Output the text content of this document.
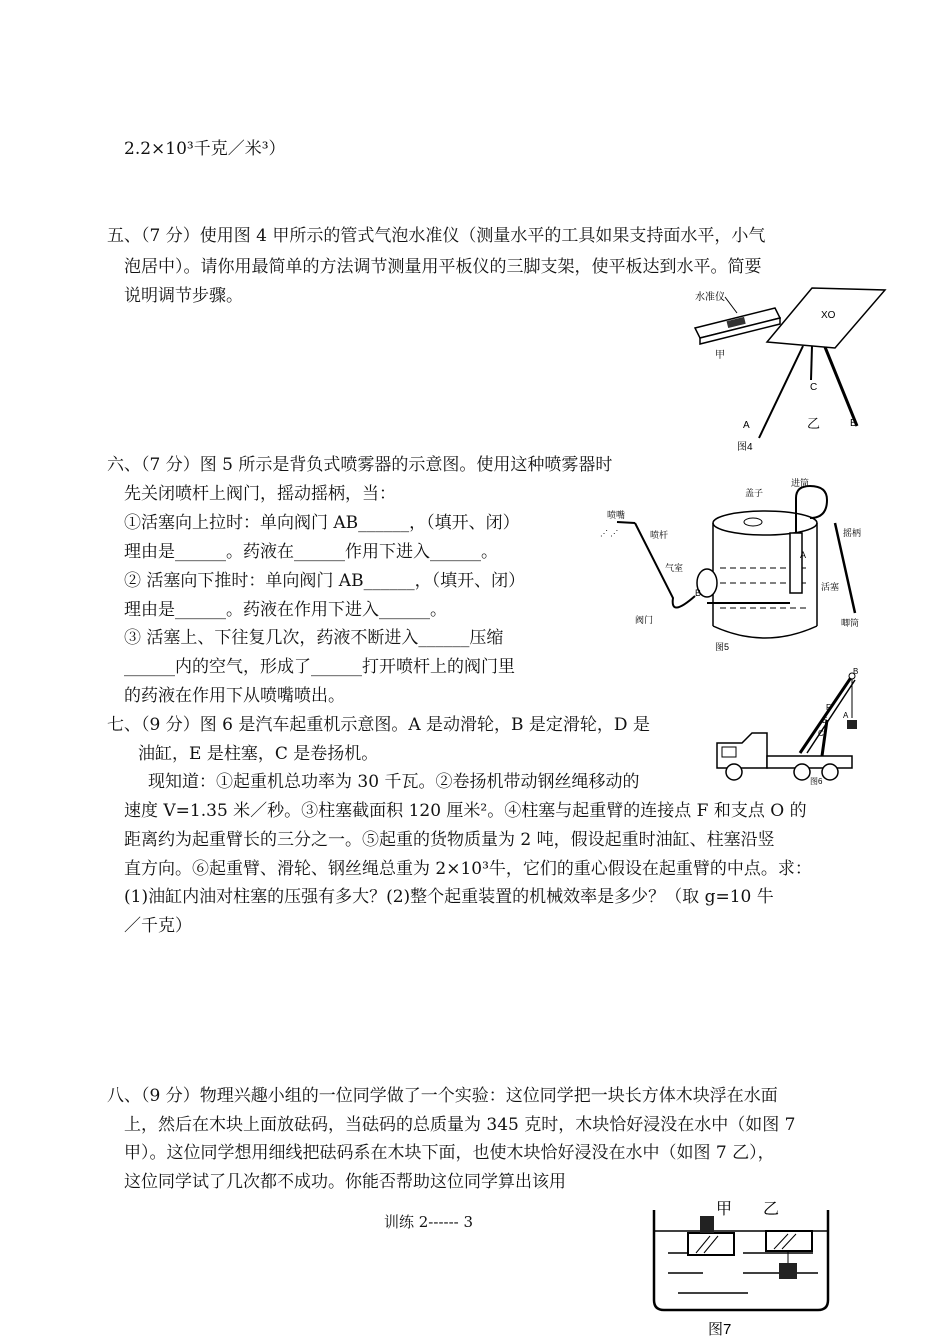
2.2×10³千克／米³）
五、（7 分）使用图 4 甲所示的管式气泡水准仪（测量水平的工具如果支持面水平，小气
泡居中）。请你用最简单的方法调节测量用平板仪的三脚支架，使平板达到水平。简要
说明调节步骤。	水准仪
甲
XO
C
A	乙	B
图4
六、（7 分）图 5 所示是背负式喷雾器的示意图。使用这种喷雾器时
先关闭喷杆上阀门，摇动摇柄，当：
①活塞向上拉时：单向阀门 AB______，（填开、闭）
理由是______。药液在______作用下进入______。
② 活塞向下推时：单向阀门 AB______，（填开、闭）
理由是______。药液在作用下进入______。
③ 活塞上、下往复几次，药液不断进入______压缩
______内的空气，形成了______打开喷杆上的阀门里
的药液在作用下从喷嘴喷出。
盖子
进筒
摇柄
活塞
唧筒
A
气室
B
喷杆
喷嘴
⋰ ⋰
阀门
图5
七、（9 分）图 6 是汽车起重机示意图。A 是动滑轮，B 是定滑轮，D 是
油缸，E 是柱塞，C 是卷扬机。
现知道：①起重机总功率为 30 千瓦。②卷扬机带动钢丝绳移动的
速度 V=1.35 米／秒。③柱塞截面积 120 厘米²。④柱塞与起重臂的连接点 F 和支点 O 的
距离约为起重臂长的三分之一。⑤起重的货物质量为 2 吨，假设起重时油缸、柱塞沿竖
直方向。⑥起重臂、滑轮、钢丝绳总重为 2×10³牛，它们的重心假设在起重臂的中点。求：
(1)油缸内油对柱塞的压强有多大？(2)整个起重装置的机械效率是多少？（取 g=10 牛
／千克）
B
F
E
C
A
图6
八、（9 分）物理兴趣小组的一位同学做了一个实验：这位同学把一块长方体木块浮在水面
上，然后在木块上面放砝码，当砝码的总质量为 345 克时，木块恰好浸没在水中（如图 7
甲）。这位同学想用细线把砝码系在木块下面，也使木块恰好浸没在水中（如图 7 乙），
这位同学试了几次都不成功。你能否帮助这位同学算出该用
甲 乙
图7
训练 2------ 3
